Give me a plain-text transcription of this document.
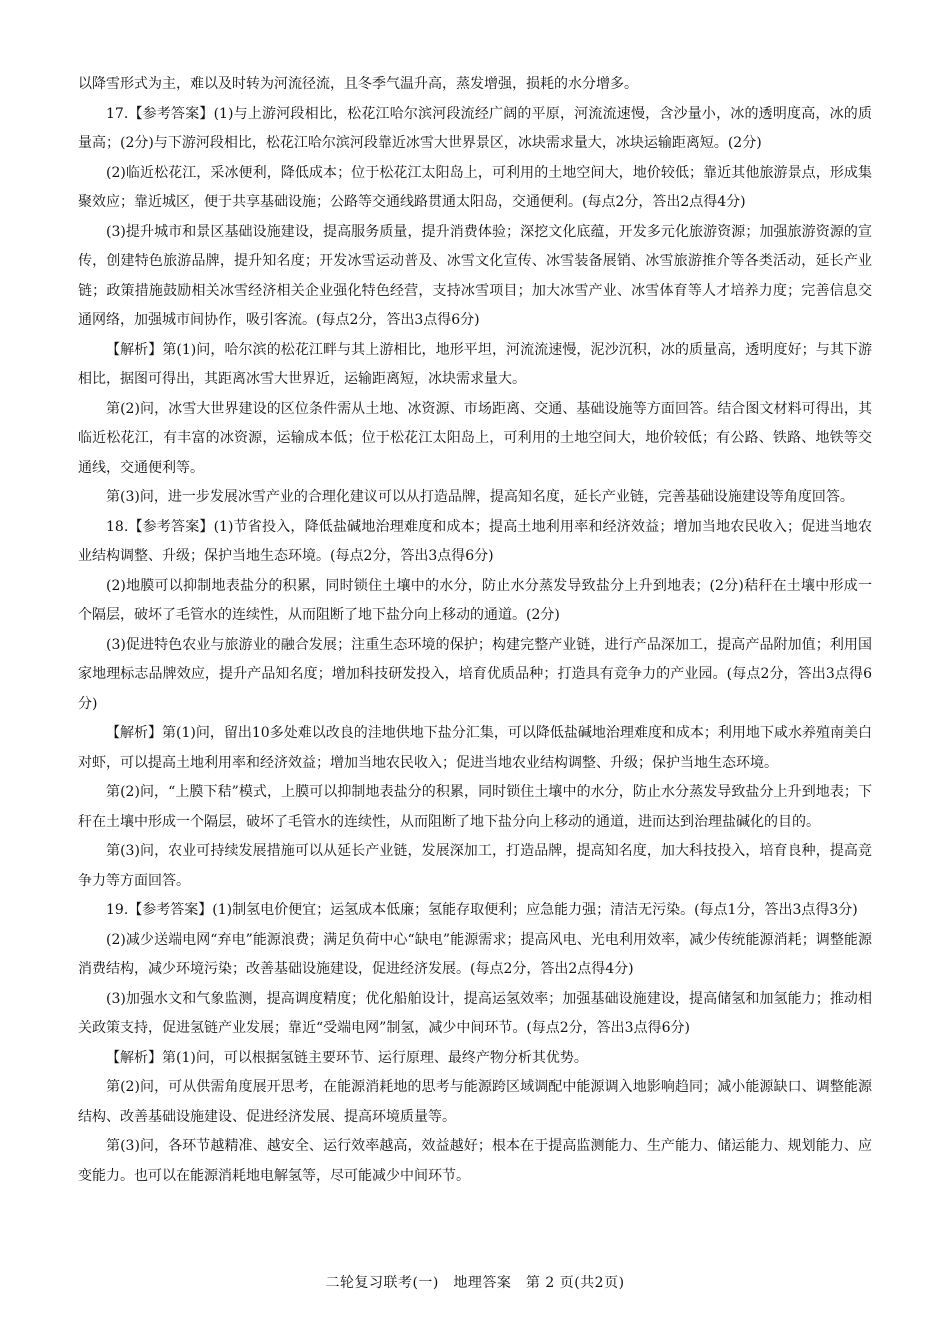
以降雪形式为主，难以及时转为河流径流，且冬季气温升高，蒸发增强，损耗的水分增多。

17.【参考答案】(1)与上游河段相比，松花江哈尔滨河段流经广阔的平原，河流流速慢，含沙量小，冰的透明度高，冰的质量高；(2分)与下游河段相比，松花江哈尔滨河段靠近冰雪大世界景区，冰块需求量大，冰块运输距离短。(2分)

(2)临近松花江，采冰便利，降低成本；位于松花江太阳岛上，可利用的土地空间大，地价较低；靠近其他旅游景点，形成集聚效应；靠近城区，便于共享基础设施；公路等交通线路贯通太阳岛，交通便利。(每点2分，答出2点得4分)

(3)提升城市和景区基础设施建设，提高服务质量，提升消费体验；深挖文化底蕴，开发多元化旅游资源；加强旅游资源的宣传，创建特色旅游品牌，提升知名度；开发冰雪运动普及、冰雪文化宣传、冰雪装备展销、冰雪旅游推介等各类活动，延长产业链；政策措施鼓励相关冰雪经济相关企业强化特色经营，支持冰雪项目；加大冰雪产业、冰雪体育等人才培养力度；完善信息交通网络，加强城市间协作，吸引客流。(每点2分，答出3点得6分)

【解析】第(1)问，哈尔滨的松花江畔与其上游相比，地形平坦，河流流速慢，泥沙沉积，冰的质量高，透明度好；与其下游相比，据图可得出，其距离冰雪大世界近，运输距离短，冰块需求量大。

第(2)问，冰雪大世界建设的区位条件需从土地、冰资源、市场距离、交通、基础设施等方面回答。结合图文材料可得出，其临近松花江，有丰富的冰资源，运输成本低；位于松花江太阳岛上，可利用的土地空间大，地价较低；有公路、铁路、地铁等交通线，交通便利等。

第(3)问，进一步发展冰雪产业的合理化建议可以从打造品牌，提高知名度，延长产业链，完善基础设施建设等角度回答。

18.【参考答案】(1)节省投入，降低盐碱地治理难度和成本；提高土地利用率和经济效益；增加当地农民收入；促进当地农业结构调整、升级；保护当地生态环境。(每点2分，答出3点得6分)

(2)地膜可以抑制地表盐分的积累，同时锁住土壤中的水分，防止水分蒸发导致盐分上升到地表；(2分)秸秆在土壤中形成一个隔层，破坏了毛管水的连续性，从而阻断了地下盐分向上移动的通道。(2分)

(3)促进特色农业与旅游业的融合发展；注重生态环境的保护；构建完整产业链，进行产品深加工，提高产品附加值；利用国家地理标志品牌效应，提升产品知名度；增加科技研发投入，培育优质品种；打造具有竞争力的产业园。(每点2分，答出3点得6分)

【解析】第(1)问，留出10多处难以改良的洼地供地下盐分汇集，可以降低盐碱地治理难度和成本；利用地下咸水养殖南美白对虾，可以提高土地利用率和经济效益；增加当地农民收入；促进当地农业结构调整、升级；保护当地生态环境。

第(2)问，“上膜下秸”模式，上膜可以抑制地表盐分的积累，同时锁住土壤中的水分，防止水分蒸发导致盐分上升到地表；下秆在土壤中形成一个隔层，破坏了毛管水的连续性，从而阻断了地下盐分向上移动的通道，进而达到治理盐碱化的目的。

第(3)问，农业可持续发展措施可以从延长产业链，发展深加工，打造品牌，提高知名度，加大科技投入，培育良种，提高竞争力等方面回答。

19.【参考答案】(1)制氢电价便宜；运氢成本低廉；氢能存取便利；应急能力强；清洁无污染。(每点1分，答出3点得3分)

(2)减少送端电网“弃电”能源浪费；满足负荷中心“缺电”能源需求；提高风电、光电利用效率，减少传统能源消耗；调整能源消费结构，减少环境污染；改善基础设施建设，促进经济发展。(每点2分，答出2点得4分)

(3)加强水文和气象监测，提高调度精度；优化船舶设计，提高运氢效率；加强基础设施建设，提高储氢和加氢能力；推动相关政策支持，促进氢链产业发展；靠近“受端电网”制氢，减少中间环节。(每点2分，答出3点得6分)

【解析】第(1)问，可以根据氢链主要环节、运行原理、最终产物分析其优势。

第(2)问，可从供需角度展开思考，在能源消耗地的思考与能源跨区域调配中能源调入地影响趋同；减小能源缺口、调整能源结构、改善基础设施建设、促进经济发展、提高环境质量等。

第(3)问，各环节越精准、越安全、运行效率越高，效益越好；根本在于提高监测能力、生产能力、储运能力、规划能力、应变能力。也可以在能源消耗地电解氢等，尽可能减少中间环节。

二轮复习联考(一)　地理答案　第 2 页(共2页)
